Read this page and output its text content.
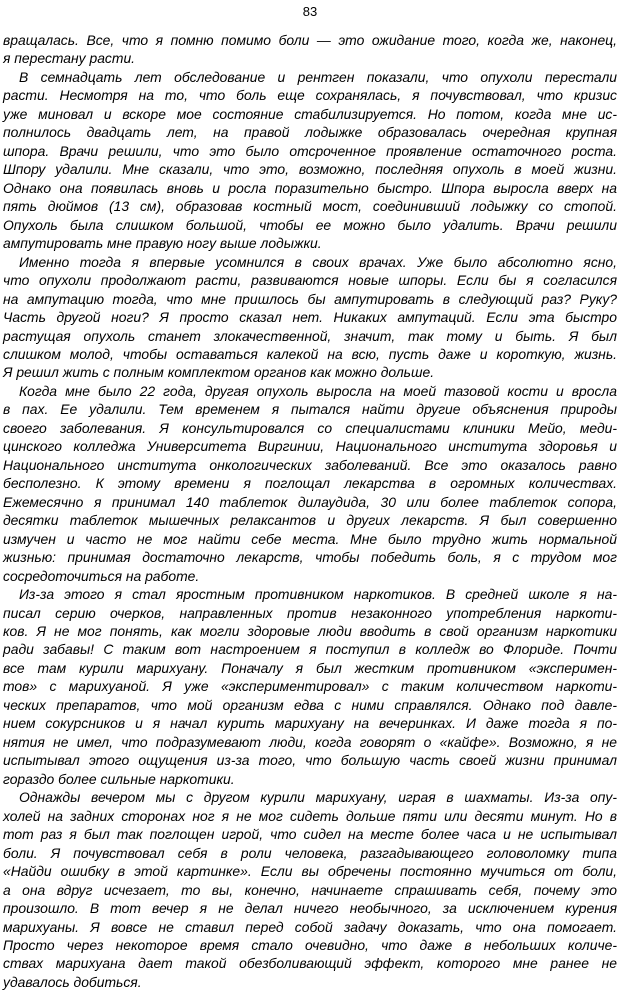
83
вращалась. Все, что я помню помимо боли — это ожидание того, когда же, наконец,
я перестану расти.
В семнадцать лет обследование и рентген показали, что опухоли перестали
расти. Несмотря на то, что боль еще сохранялась, я почувствовал, что кризис
уже миновал и вскоре мое состояние стабилизируется. Но потом, когда мне ис-
полнилось двадцать лет, на правой лодыжке образовалась очередная крупная
шпора. Врачи решили, что это было отсроченное проявление остаточного роста.
Шпору удалили. Мне сказали, что это, возможно, последняя опухоль в моей жизни.
Однако она появилась вновь и росла поразительно быстро. Шпора выросла вверх на
пять дюймов (13 см), образовав костный мост, соединивший лодыжку со стопой.
Опухоль была слишком большой, чтобы ее можно было удалить. Врачи решили
ампутировать мне правую ногу выше лодыжки.
Именно тогда я впервые усомнился в своих врачах. Уже было абсолютно ясно,
что опухоли продолжают расти, развиваются новые шпоры. Если бы я согласился
на ампутацию тогда, что мне пришлось бы ампутировать в следующий раз? Руку?
Часть другой ноги? Я просто сказал нет. Никаких ампутаций. Если эта быстро
растущая опухоль станет злокачественной, значит, так тому и быть. Я был
слишком молод, чтобы оставаться калекой на всю, пусть даже и короткую, жизнь.
Я решил жить с полным комплектом органов как можно дольше.
Когда мне было 22 года, другая опухоль выросла на моей тазовой кости и вросла
в пах. Ее удалили. Тем временем я пытался найти другие объяснения природы
своего заболевания. Я консультировался со специалистами клиники Мейо, меди-
цинского колледжа Университета Виргинии, Национального института здоровья и
Национального института онкологических заболеваний. Все это оказалось равно
бесполезно. К этому времени я поглощал лекарства в огромных количествах.
Ежемесячно я принимал 140 таблеток дилаудида, 30 или более таблеток сопора,
десятки таблеток мышечных релаксантов и других лекарств. Я был совершенно
измучен и часто не мог найти себе места. Мне было трудно жить нормальной
жизнью: принимая достаточно лекарств, чтобы победить боль, я с трудом мог
сосредоточиться на работе.
Из-за этого я стал яростным противником наркотиков. В средней школе я на-
писал серию очерков, направленных против незаконного употребления наркоти-
ков. Я не мог понять, как могли здоровые люди вводить в свой организм наркотики
ради забавы! С таким вот настроением я поступил в колледж во Флориде. Почти
все там курили марихуану. Поначалу я был жестким противником «эксперимен-
тов» с марихуаной. Я уже «экспериментировал» с таким количеством наркоти-
ческих препаратов, что мой организм едва с ними справлялся. Однако под давле-
нием сокурсников и я начал курить марихуану на вечеринках. И даже тогда я по-
нятия не имел, что подразумевают люди, когда говорят о «кайфе». Возможно, я не
испытывал этого ощущения из-за того, что большую часть своей жизни принимал
гораздо более сильные наркотики.
Однажды вечером мы с другом курили марихуану, играя в шахматы. Из-за опу-
холей на задних сторонах ног я не мог сидеть дольше пяти или десяти минут. Но в
тот раз я был так поглощен игрой, что сидел на месте более часа и не испытывал
боли. Я почувствовал себя в роли человека, разгадывающего головоломку типа
«Найди ошибку в этой картинке». Если вы обречены постоянно мучиться от боли,
а она вдруг исчезает, то вы, конечно, начинаете спрашивать себя, почему это
произошло. В тот вечер я не делал ничего необычного, за исключением курения
марихуаны. Я вовсе не ставил перед собой задачу доказать, что она помогает.
Просто через некоторое время стало очевидно, что даже в небольших количе-
ствах марихуана дает такой обезболивающий эффект, которого мне ранее не
удавалось добиться.
